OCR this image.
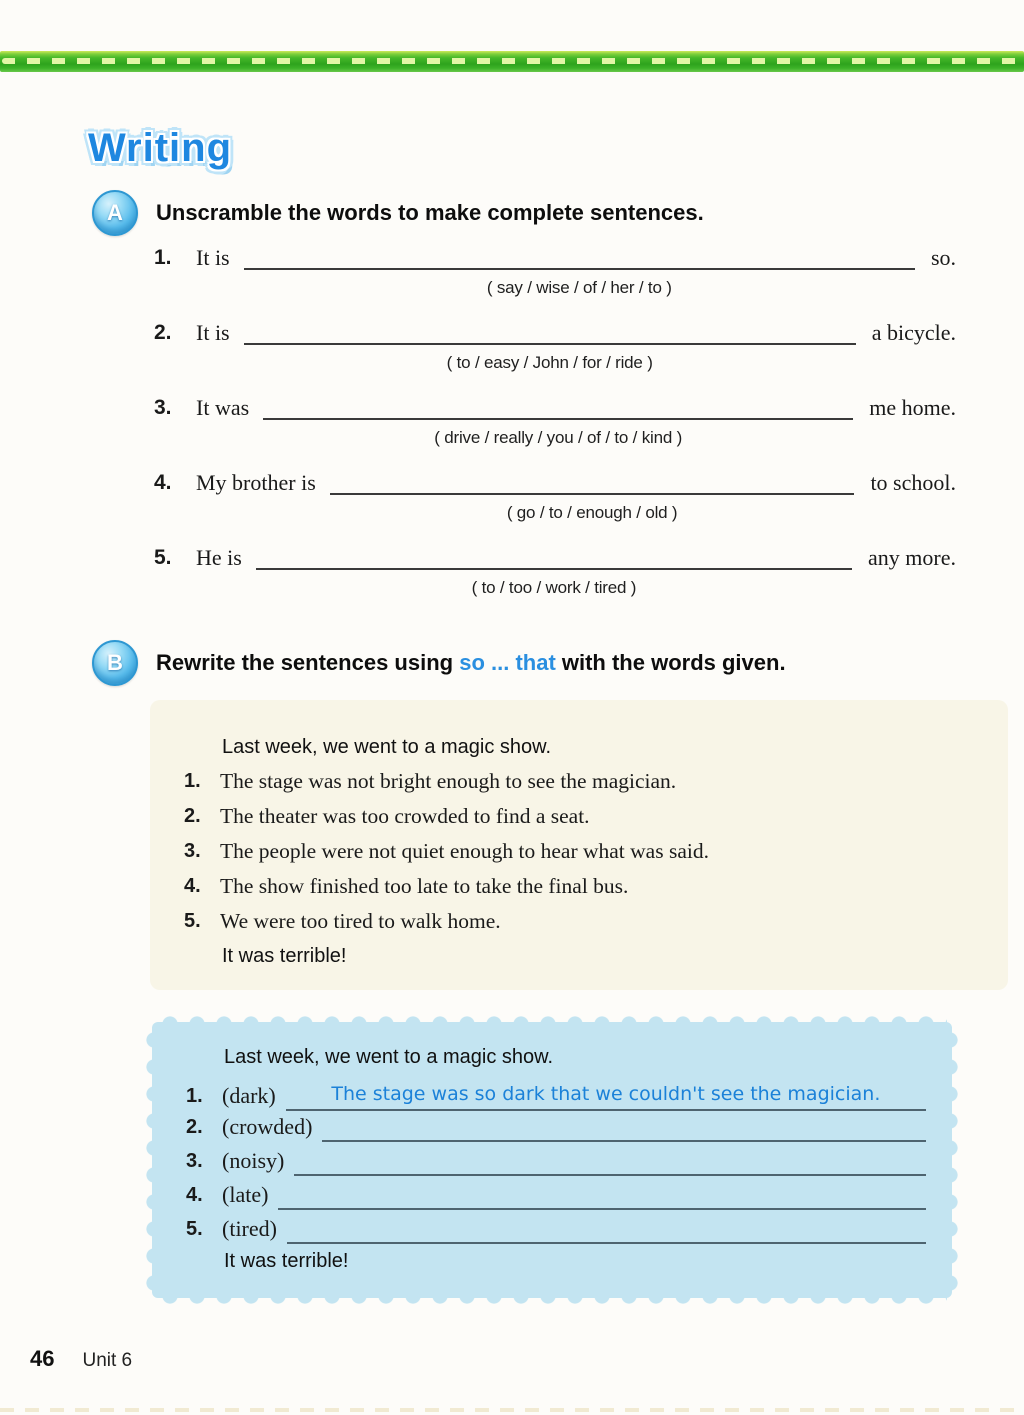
Writing
A	Unscramble the words to make complete sentences.
1.	It is	so.
( say / wise / of / her / to )
2.	It is	a bicycle.
( to / easy / John / for / ride )
3.	It was	me home.
( drive / really / you / of / to / kind )
4.	My brother is	to school.
( go / to / enough / old )
5.	He is	any more.
( to / too / work / tired )
B	Rewrite the sentences using so ... that with the words given.
Last week, we went to a magic show.
1. The stage was not bright enough to see the magician.
2. The theater was too crowded to find a seat.
3. The people were not quiet enough to hear what was said.
4. The show finished too late to take the final bus.
5. We were too tired to walk home.
It was terrible!
Last week, we went to a magic show.
1. (dark)	The stage was so dark that we couldn't see the magician.
2. (crowded)
3. (noisy)
4. (late)
5. (tired)
It was terrible!
46 Unit 6
